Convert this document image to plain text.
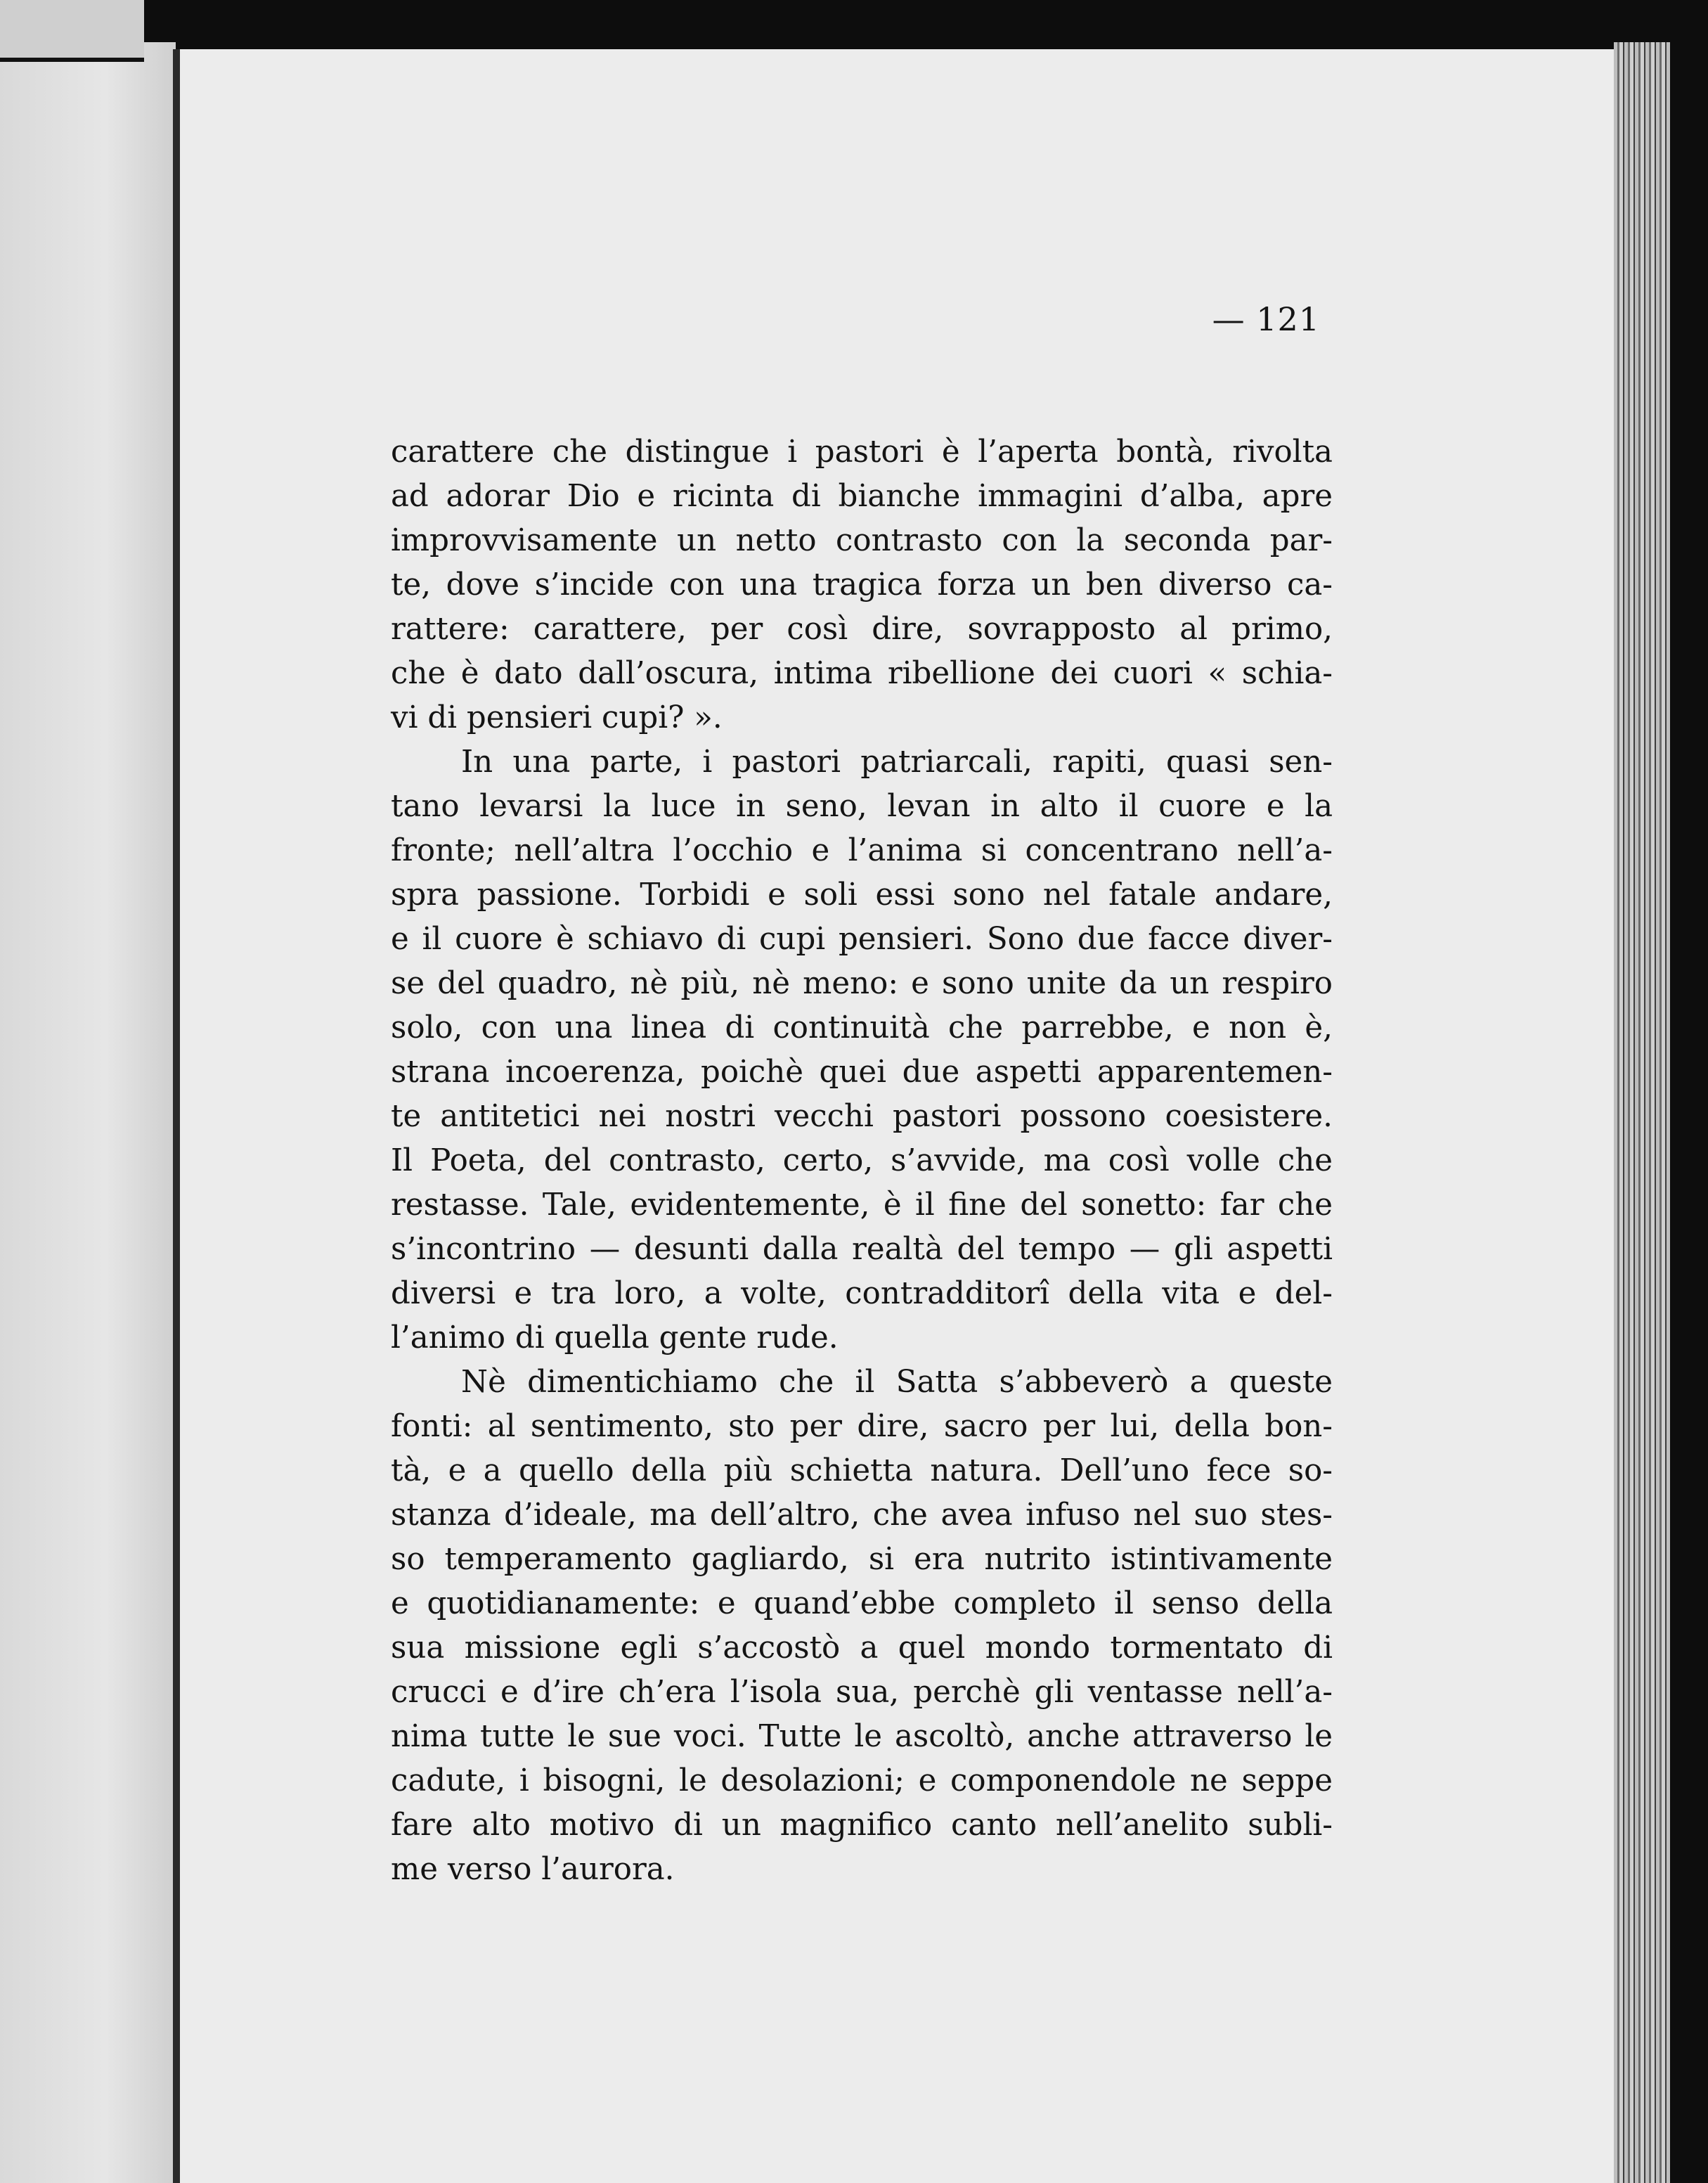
— 121
carattere che distingue i pastori è l’aperta bontà, rivolta
ad adorar Dio e ricinta di bianche immagini d’alba, apre
improvvisamente un netto contrasto con la seconda par-
te, dove s’incide con una tragica forza un ben diverso ca-
rattere: carattere, per così dire, sovrapposto al primo,
che è dato dall’oscura, intima ribellione dei cuori « schia-
vi di pensieri cupi? ».
In una parte, i pastori patriarcali, rapiti, quasi sen-
tano levarsi la luce in seno, levan in alto il cuore e la
fronte; nell’altra l’occhio e l’anima si concentrano nell’a-
spra passione. Torbidi e soli essi sono nel fatale andare,
e il cuore è schiavo di cupi pensieri. Sono due facce diver-
se del quadro, nè più, nè meno: e sono unite da un respiro
solo, con una linea di continuità che parrebbe, e non è,
strana incoerenza, poichè quei due aspetti apparentemen-
te antitetici nei nostri vecchi pastori possono coesistere.
Il Poeta, del contrasto, certo, s’avvide, ma così volle che
restasse. Tale, evidentemente, è il fine del sonetto: far che
s’incontrino — desunti dalla realtà del tempo — gli aspetti
diversi e tra loro, a volte, contradditorî della vita e del-
l’animo di quella gente rude.
Nè dimentichiamo che il Satta s’abbeverò a queste
fonti: al sentimento, sto per dire, sacro per lui, della bon-
tà, e a quello della più schietta natura. Dell’uno fece so-
stanza d’ideale, ma dell’altro, che avea infuso nel suo stes-
so temperamento gagliardo, si era nutrito istintivamente
e quotidianamente: e quand’ebbe completo il senso della
sua missione egli s’accostò a quel mondo tormentato di
crucci e d’ire ch’era l’isola sua, perchè gli ventasse nell’a-
nima tutte le sue voci. Tutte le ascoltò, anche attraverso le
cadute, i bisogni, le desolazioni; e componendole ne seppe
fare alto motivo di un magnifico canto nell’anelito subli-
me verso l’aurora.
